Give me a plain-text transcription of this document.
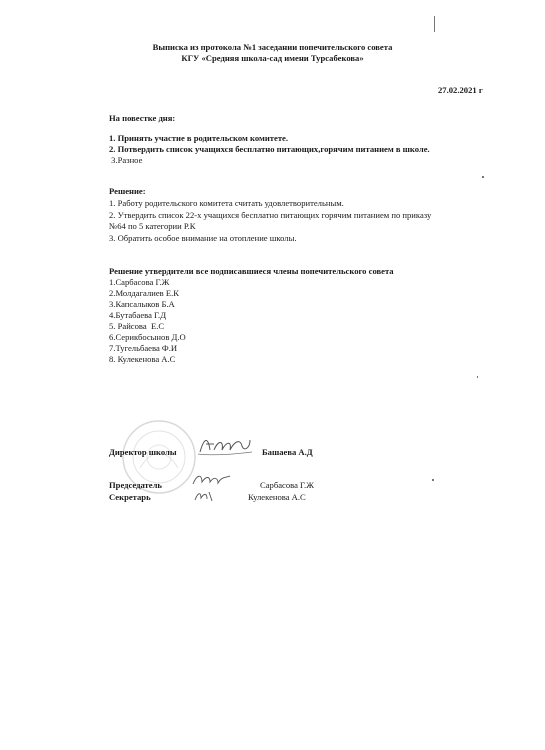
Выписка из протокола №1 заседании попечительского совета
КГУ «Средняя школа-сад имени Турсабекова»
27.02.2021 г
На повестке дня:
1. Принять участие в родительском комитете.
2. Потвердить список учащихся бесплатно питающих,горячим питанием в школе.
3.Разное
Решение:
1. Работу родительского комитета считать удовлетворительным.
2. Утвердить список 22-х учащихся бесплатно питающих горячим питанием по приказу
№64 по 5 категории Р.К
3. Обратить особое внимание на отопление школы.
Решение утвердители все подписавшиеся члены попечительского совета
1.Сарбасова Г.Ж
2.Молдагалиев Е.К
3.Капсалыков Б.А
4.Бутабаева Г.Д
5. Райсова  Е.С
6.Серикбосынов Д.О
7.Тугельбаева Ф.И
8. Кулекенова А.С
Директор школы	Башаева А.Д
Председатель	Сарбасова Г.Ж
Секретарь	Кулекенова А.С
